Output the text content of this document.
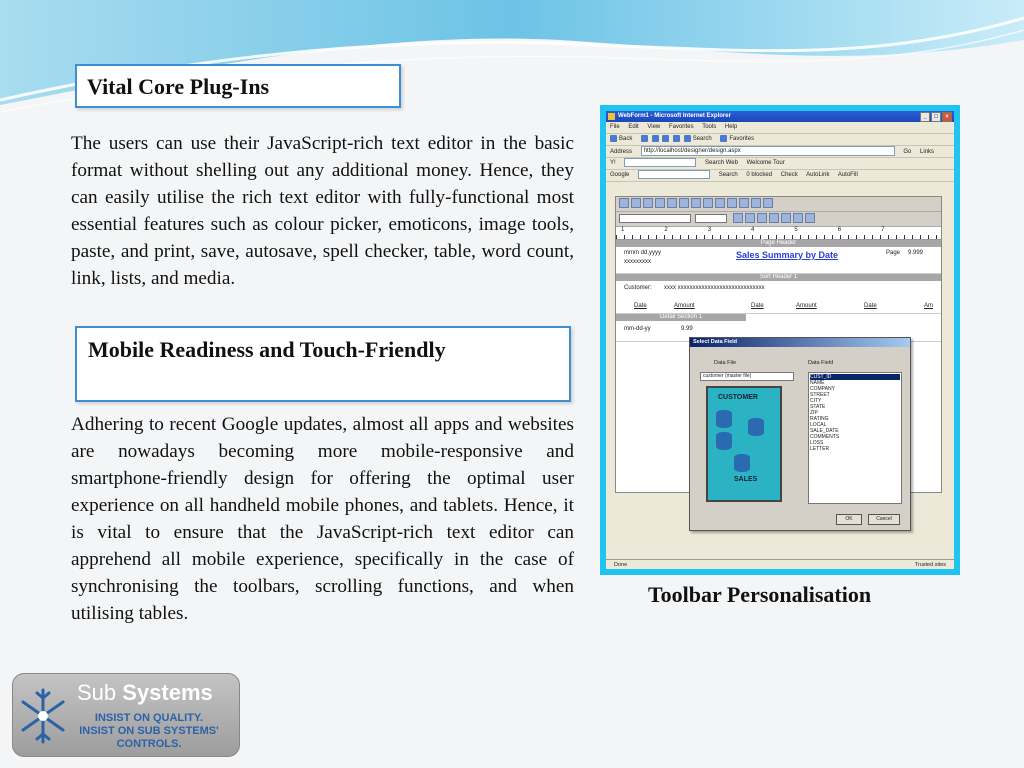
Vital Core Plug-Ins
The users can use their JavaScript-rich text editor in the basic format without shelling out any additional money. Hence, they can easily utilise the rich text editor with fully-functional most essential features such as colour picker, emoticons, image tools, paste, and print, save, autosave, spell checker, table, word count, link, lists, and media.
Mobile Readiness and Touch-Friendly
Adhering to recent Google updates, almost all apps and websites are nowadays becoming more mobile-responsive and smartphone-friendly design for offering the optimal user experience on all handheld mobile phones, and tablets. Hence, it is vital to ensure that the JavaScript-rich text editor can apprehend all mobile experience, specifically in the case of synchronising the toolbars, scrolling functions, and when utilising tables.
WebForm1 - Microsoft Internet Explorer	_ □ ×
File Edit View Favorites Tools Help
Back	Search	Favorites
Address http://localhost/designer/design.aspx	Go Links
Y!	Search Web Welcome Tour
Google	Search 0 blocked Check AutoLink AutoFill

1	2	3	4	5	6	7
Page Header
mmm dd,yyyy
xxxxxxxxx
Sales Summary by Date	Page 9.999
Sort Header 1
Customer: xxxx xxxxxxxxxxxxxxxxxxxxxxxxxxxxx
Date	Amount	Date	Amount	Date	Am
Detail Section 1
mm-dd-yy	9.99
Select Data Field
Data File	Data Field
customer (master file)
CUSTOMER
SALES
CUST_ID
NAME
COMPANY
STREET
CITY
STATE
ZIP
RATING
LOCAL
SALE_DATE
COMMENTS
LOSS
LETTER
OK	Cancel
Done	Trusted sites
Toolbar Personalisation
Sub Systems
INSIST ON QUALITY.
INSIST ON SUB SYSTEMS' CONTROLS.
